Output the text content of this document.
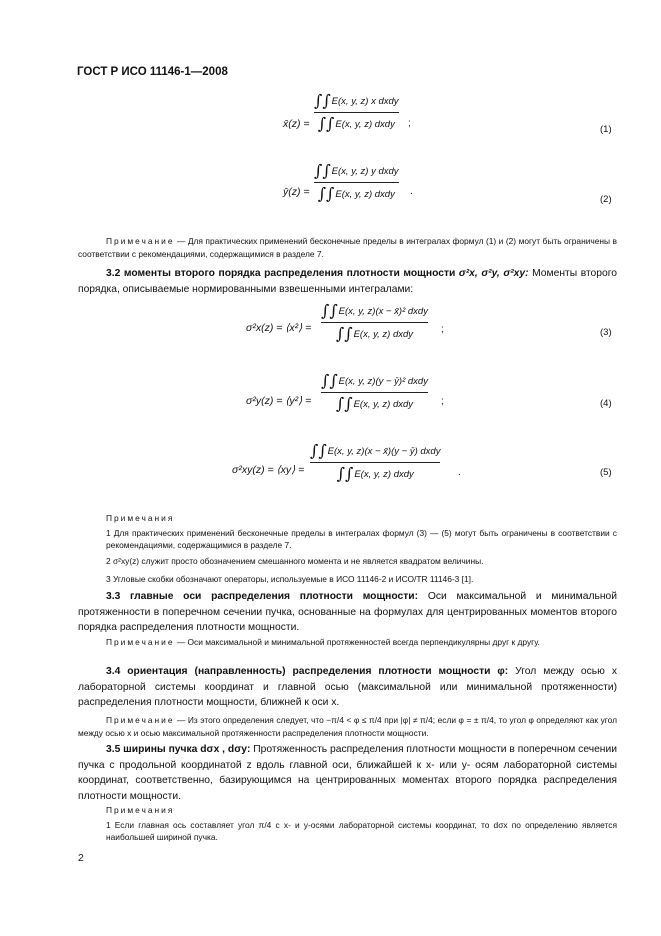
ГОСТ Р ИСО 11146-1—2008
x̄(z) =
∫∫ E(x, y, z) x dxdy
∫∫ E(x, y, z) dxdy ;
(1)
ȳ(z) =
∫∫ E(x, y, z) y dxdy
∫∫ E(x, y, z) dxdy .
(2)
Примечание — Для практических применений бесконечные пределы в интегралах формул (1) и (2) могут быть ограничены в соответствии с рекомендациями, содержащимися в разделе 7.
3.2 моменты второго порядка распределения плотности мощности σ²x, σ²y, σ²xy: Моменты второго порядка, описываемые нормированными взвешенными интегралами:
σ²x(z) = ⟨x²⟩ =
∫∫ E(x, y, z)(x − x̄)² dxdy
∫∫ E(x, y, z) dxdy	;	(3)
σ²y(z) = ⟨y²⟩ =
∫∫ E(x, y, z)(y − ȳ)² dxdy
∫∫ E(x, y, z) dxdy	;	(4)
σ²xy(z) = ⟨xy⟩ =
∫∫ E(x, y, z)(x − x̄)(y − ȳ) dxdy
∫∫ E(x, y, z) dxdy	.	(5)
Примечания
1 Для практических применений бесконечные пределы в интегралах формул (3) — (5) могут быть ограничены в соответствии с рекомендациями, содержащимися в разделе 7.
2 σ²xy(z) служит просто обозначением смешанного момента и не является квадратом величины.
3 Угловые скобки обозначают операторы, используемые в ИСО 11146-2 и ИСО/TR 11146-3 [1].
3.3 главные оси распределения плотности мощности: Оси максимальной и минимальной протяженности в поперечном сечении пучка, основанные на формулах для центрированных моментов второго порядка распределения плотности мощности.
Примечание — Оси максимальной и минимальной протяженностей всегда перпендикулярны друг к другу.
3.4 ориентация (направленность) распределения плотности мощности φ: Угол между осью x лабораторной системы координат и главной осью (максимальной или минимальной протяженности) распределения плотности мощности, ближней к оси x.
Примечание — Из этого определения следует, что −π/4 < φ ≤ π/4 при |φ| ≠ π/4; если φ = ± π/4, то угол φ определяют как угол между осью x и осью максимальной протяженности распределения плотности мощности.
3.5 ширины пучка dσx , dσy: Протяженность распределения плотности мощности в поперечном сечении пучка с продольной координатой z вдоль главной оси, ближайшей к x- или y- осям лабораторной системы координат, соответственно, базирующимся на центрированных моментах второго порядка распределения плотности мощности.
Примечания
1 Если главная ось составляет угол π/4 с x- и y-осями лабораторной системы координат, то dσx по определению является наибольшей шириной пучка.
2
